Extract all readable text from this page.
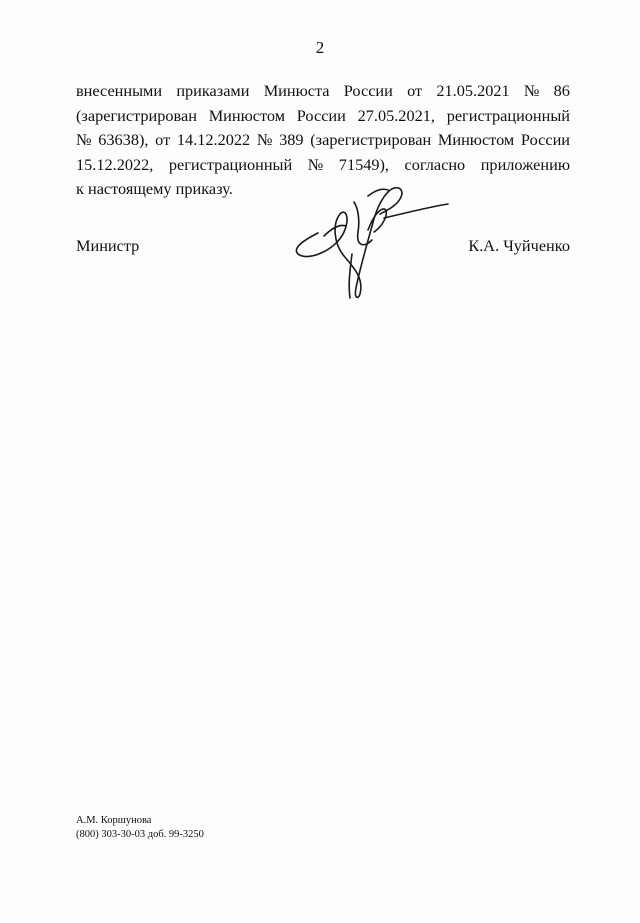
2
внесенными приказами Минюста России от 21.05.2021 № 86
(зарегистрирован Минюстом России 27.05.2021, регистрационный
№ 63638), от 14.12.2022 № 389 (зарегистрирован Минюстом России
15.12.2022, регистрационный № 71549), согласно приложению
к настоящему приказу.
Министр	К.А. Чуйченко
А.М. Коршунова
(800) 303-30-03 доб. 99-3250
